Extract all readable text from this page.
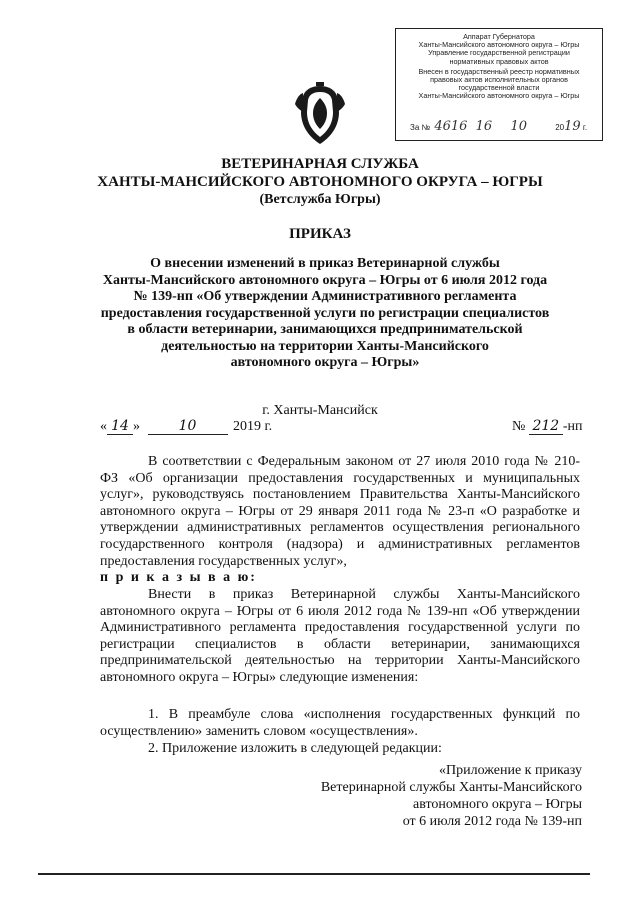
Аппарат Губернатора
Ханты-Мансийского автономного округа – Югры
Управление государственной регистрации
нормативных правовых актов
Внесен в государственный реестр нормативных
правовых актов исполнительных органов
государственной власти
Ханты-Мансийского автономного округа – Югры
За № 4616 16 10	2019 г.
ВЕТЕРИНАРНАЯ СЛУЖБА
ХАНТЫ-МАНСИЙСКОГО АВТОНОМНОГО ОКРУГА – ЮГРЫ
(Ветслужба Югры)
ПРИКАЗ
О внесении изменений в приказ Ветеринарной службы
Ханты-Мансийского автономного округа – Югры от 6 июля 2012 года
№ 139-нп «Об утверждении Административного регламента
предоставления государственной услуги по регистрации специалистов
в области ветеринарии, занимающихся предпринимательской
деятельностью на территории Ханты-Мансийского
автономного округа – Югры»
г. Ханты-Мансийск
« 14 »	10	2019 г.	№ 212 -нп
В соответствии с Федеральным законом от 27 июля 2010 года № 210-ФЗ «Об организации предоставления государственных и муниципальных услуг», руководствуясь постановлением Правительства Ханты-Мансийского автономного округа – Югры от 29 января 2011 года № 23-п «О разработке и утверждении административных регламентов осуществления регионального государственного контроля (надзора) и административных регламентов предоставления государственных услуг»,
п р и к а з ы в а ю:
Внести в приказ Ветеринарной службы Ханты-Мансийского автономного округа – Югры от 6 июля 2012 года № 139-нп «Об утверждении Административного регламента предоставления государственной услуги по регистрации специалистов в области ветеринарии, занимающихся предпринимательской деятельностью на территории Ханты-Мансийского автономного округа – Югры» следующие изменения:
1. В преамбуле слова «исполнения государственных функций по осуществлению» заменить словом «осуществления».
2. Приложение изложить в следующей редакции:
«Приложение к приказу
Ветеринарной службы Ханты-Мансийского
автономного округа – Югры
от 6 июля 2012 года № 139-нп
